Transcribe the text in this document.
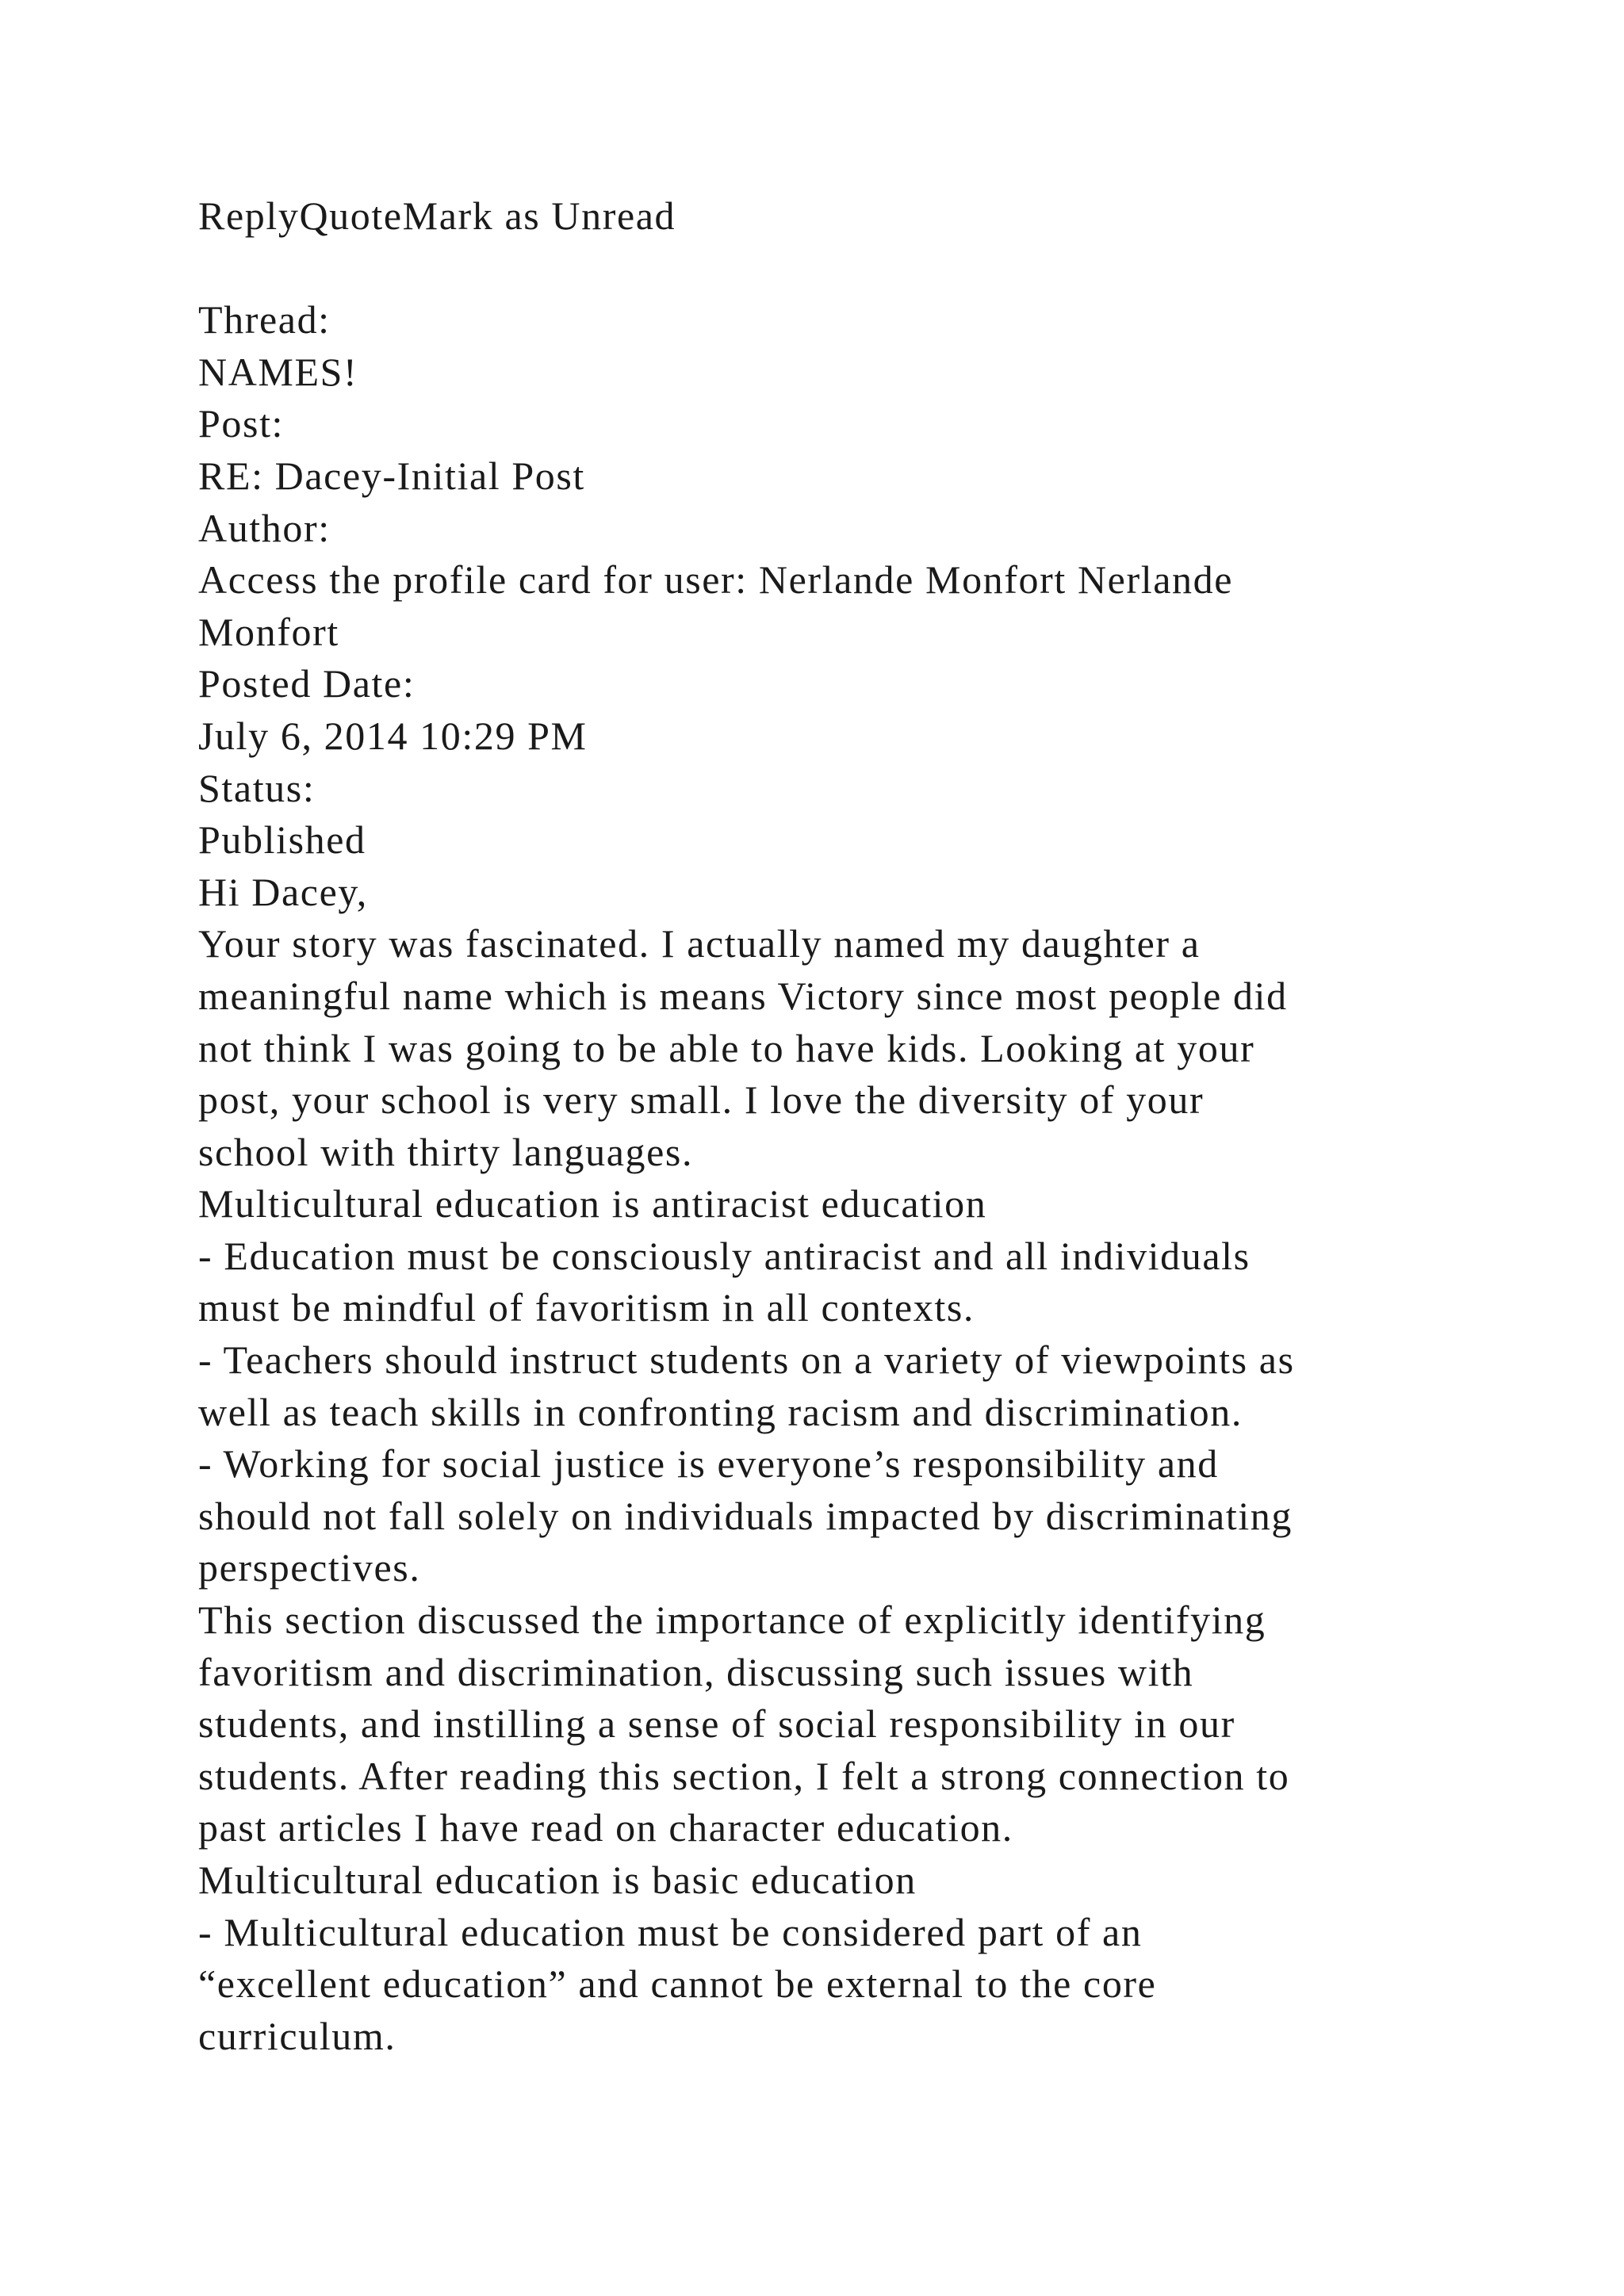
ReplyQuoteMark as Unread
Thread:
NAMES!
Post:
RE: Dacey-Initial Post
Author:
Access the profile card for user: Nerlande Monfort Nerlande
Monfort
Posted Date:
July 6, 2014 10:29 PM
Status:
Published
Hi Dacey,
Your story was fascinated. I actually named my daughter a
meaningful name which is means Victory since most people did
not think I was going to be able to have kids. Looking at your
post, your school is very small. I love the diversity of your
school with thirty languages.
Multicultural education is antiracist education
- Education must be consciously antiracist and all individuals
must be mindful of favoritism in all contexts.
- Teachers should instruct students on a variety of viewpoints as
well as teach skills in confronting racism and discrimination.
- Working for social justice is everyone’s responsibility and
should not fall solely on individuals impacted by discriminating
perspectives.
This section discussed the importance of explicitly identifying
favoritism and discrimination, discussing such issues with
students, and instilling a sense of social responsibility in our
students. After reading this section, I felt a strong connection to
past articles I have read on character education.
Multicultural education is basic education
- Multicultural education must be considered part of an
“excellent education” and cannot be external to the core
curriculum.
